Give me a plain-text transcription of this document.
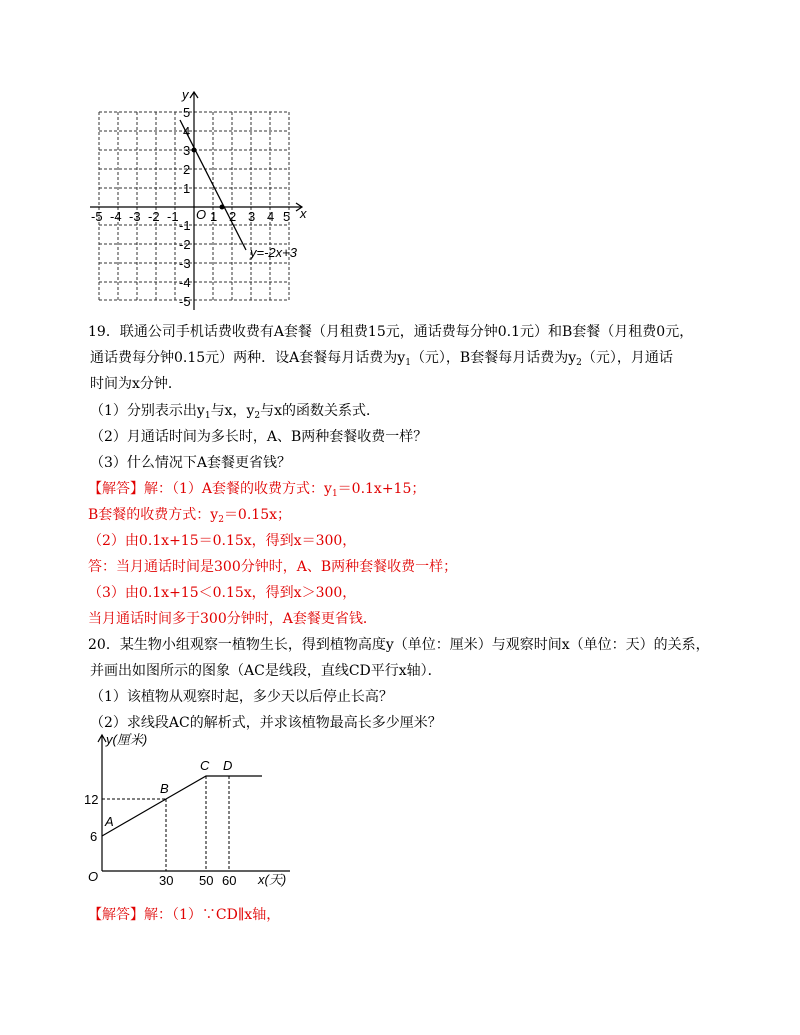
-5 -4 -3 -2 -1 1 2 3 4 5
5
4
3
2
1
-1
-2
-3
-4
-5
O	x
y
y=-2x+3
19．联通公司手机话费收费有A套餐（月租费15元，通话费每分钟0.1元）和B套餐（月租费0元，
通话费每分钟0.15元）两种．设A套餐每月话费为$y_1$（元），B套餐每月话费为$y_2$（元），月通话
时间为x分钟．
（1）分别表示出$y_1$与x，$y_2$与x的函数关系式．
（2）月通话时间为多长时，A、B两种套餐收费一样？
（3）什么情况下A套餐更省钱？
【解答】解：（1）A套餐的收费方式：$y_1=0.1x+15$；
B套餐的收费方式：$y_2=0.15x$；
（2）由0.1x+15＝0.15x，得到x＝300，
答：当月通话时间是300分钟时，A、B两种套餐收费一样；
（3）由0.1x+15＜0.15x，得到x＞300，
当月通话时间多于300分钟时，A套餐更省钱．
20．某生物小组观察一植物生长，得到植物高度y（单位：厘米）与观察时间x（单位：天）的关系，
并画出如图所示的图象（AC是线段，直线CD平行x轴）．
（1）该植物从观察时起，多少天以后停止长高？
（2）求线段AC的解析式，并求该植物最高长多少厘米？
y(厘米)
x(天)
O
12
6
30 50 60
A
B
C D
【解答】解：（1）∵CD∥x轴，
